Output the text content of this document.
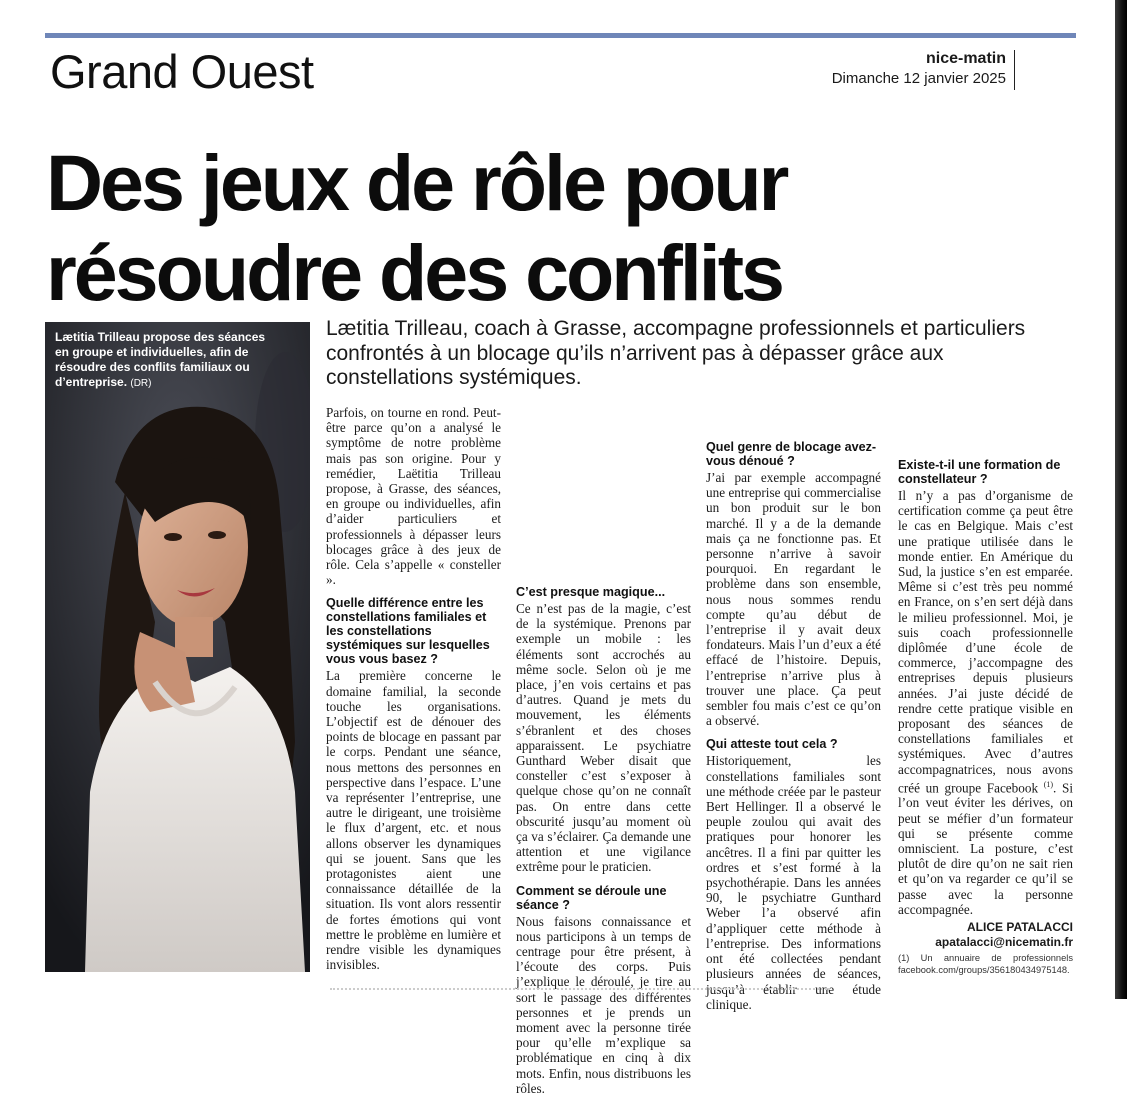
Grand Ouest	nice-matin
Dimanche 12 janvier 2025
Des jeux de rôle pour
résoudre des conflits
Lætitia Trilleau propose des séances en groupe et individuelles, afin de résoudre des conflits familiaux ou d’entreprise. (DR)
Lætitia Trilleau, coach à Grasse, accompagne professionnels et particuliers confrontés à un blocage qu’ils n’arrivent pas à dépasser grâce aux constellations systémiques.

Parfois, on tourne en rond. Peut-être parce qu’on a analysé le symptôme de notre problème mais pas son origine. Pour y remédier, Laëtitia Trilleau propose, à Grasse, des séances, en groupe ou individuelles, afin d’aider particuliers et professionnels à dépasser leurs blocages grâce à des jeux de rôle. Cela s’appelle « consteller ».

Quelle différence entre les constellations familiales et les constellations systémiques sur lesquelles vous vous basez ?

La première concerne le domaine familial, la seconde touche les organisations. L’objectif est de dénouer des points de blocage en passant par le corps. Pendant une séance, nous mettons des personnes en perspective dans l’espace. L’une va représenter l’entreprise, une autre le dirigeant, une troisième le flux d’argent, etc. et nous allons observer les dynamiques qui se jouent. Sans que les protagonistes aient une connaissance détaillée de la situation. Ils vont alors ressentir de fortes émotions qui vont mettre le problème en lumière et rendre visible les dynamiques invisibles.

C’est presque magique...

Ce n’est pas de la magie, c’est de la systémique. Prenons par exemple un mobile : les éléments sont accrochés au même socle. Selon où je me place, j’en vois certains et pas d’autres. Quand je mets du mouvement, les éléments s’ébranlent et des choses apparaissent. Le psychiatre Gunthard Weber disait que consteller c’est s’exposer à quelque chose qu’on ne connaît pas. On entre dans cette obscurité jusqu’au moment où ça va s’éclairer. Ça demande une attention et une vigilance extrême pour le praticien.

Comment se déroule une séance ?

Nous faisons connaissance et nous participons à un temps de centrage pour être présent, à l’écoute des corps. Puis j’explique le déroulé, je tire au sort le passage des différentes personnes et je prends un moment avec la personne tirée pour qu’elle m’explique sa problématique en cinq à dix mots. Enfin, nous distribuons les rôles.

Quel genre de blocage avez-vous dénoué ?

J’ai par exemple accompagné une entreprise qui commercialise un bon produit sur le bon marché. Il y a de la demande mais ça ne fonctionne pas. Et personne n’arrive à savoir pourquoi. En regardant le problème dans son ensemble, nous nous sommes rendu compte qu’au début de l’entreprise il y avait deux fondateurs. Mais l’un d’eux a été effacé de l’histoire. Depuis, l’entreprise n’arrive plus à trouver une place. Ça peut sembler fou mais c’est ce qu’on a observé.

Qui atteste tout cela ?

Historiquement, les constellations familiales sont une méthode créée par le pasteur Bert Hellinger. Il a observé le peuple zoulou qui avait des pratiques pour honorer les ancêtres. Il a fini par quitter les ordres et s’est formé à la psychothérapie. Dans les années 90, le psychiatre Gunthard Weber l’a observé afin d’appliquer cette méthode à l’entreprise. Des informations ont été collectées pendant plusieurs années de séances, jusqu’à établir une étude clinique.

Existe-t-il une formation de constellateur ?

Il n’y a pas d’organisme de certification comme ça peut être le cas en Belgique. Mais c’est une pratique utilisée dans le monde entier. En Amérique du Sud, la justice s’en est emparée. Même si c’est très peu nommé en France, on s’en sert déjà dans le milieu professionnel. Moi, je suis coach professionnelle diplômée d’une école de commerce, j’accompagne des entreprises depuis plusieurs années. J’ai juste décidé de rendre cette pratique visible en proposant des séances de constellations familiales et systémiques. Avec d’autres accompagnatrices, nous avons créé un groupe Facebook $^{(1)}$. Si l’on veut éviter les dérives, on peut se méfier d’un formateur qui se présente comme omniscient. La posture, c’est plutôt de dire qu’on ne sait rien et qu’on va regarder ce qu’il se passe avec la personne accompagnée.

ALICE PATALACCI
apatalacci@nicematin.fr
(1) Un annuaire de professionnels facebook.com/groups/356180434975148.
